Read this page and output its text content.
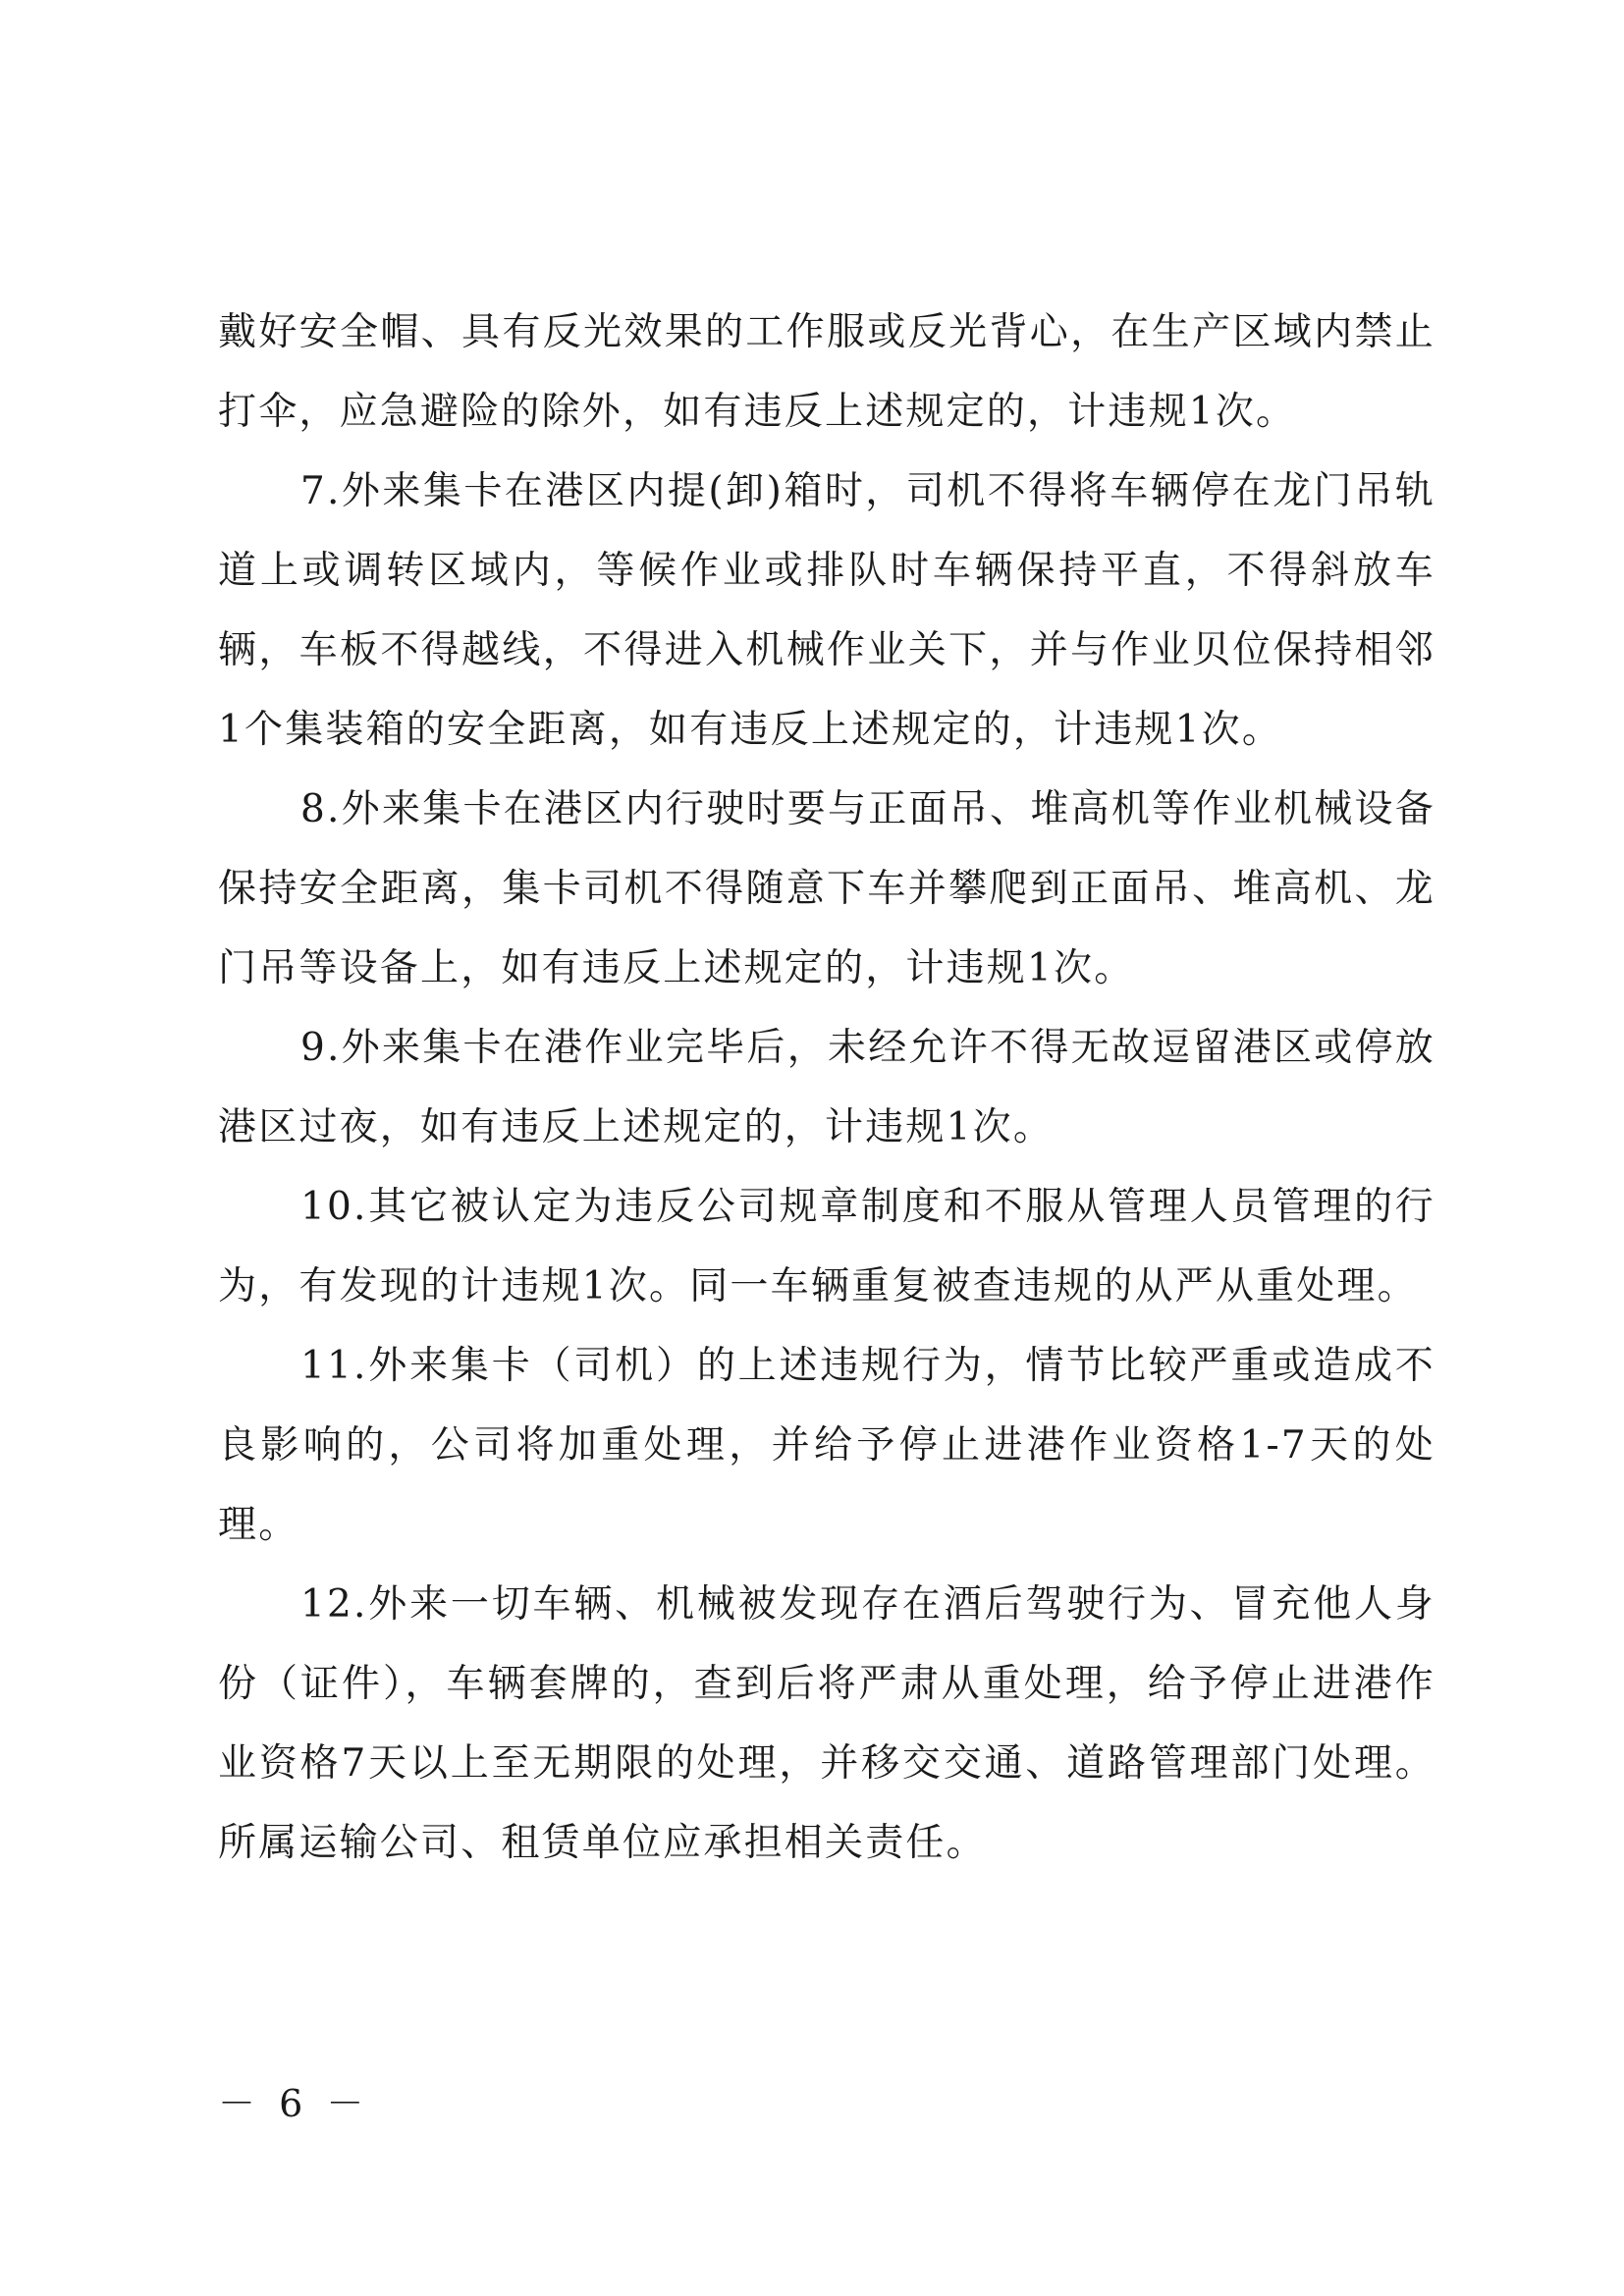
戴好安全帽、具有反光效果的工作服或反光背心，在生产区域内禁止打伞，应急避险的除外，如有违反上述规定的，计违规1次。

7.外来集卡在港区内提(卸)箱时，司机不得将车辆停在龙门吊轨道上或调转区域内，等候作业或排队时车辆保持平直，不得斜放车辆，车板不得越线，不得进入机械作业关下，并与作业贝位保持相邻1个集装箱的安全距离，如有违反上述规定的，计违规1次。

8.外来集卡在港区内行驶时要与正面吊、堆高机等作业机械设备保持安全距离，集卡司机不得随意下车并攀爬到正面吊、堆高机、龙门吊等设备上，如有违反上述规定的，计违规1次。

9.外来集卡在港作业完毕后，未经允许不得无故逗留港区或停放港区过夜，如有违反上述规定的，计违规1次。

10.其它被认定为违反公司规章制度和不服从管理人员管理的行为，有发现的计违规1次。同一车辆重复被查违规的从严从重处理。

11.外来集卡（司机）的上述违规行为，情节比较严重或造成不良影响的，公司将加重处理，并给予停止进港作业资格1-7天的处理。

12.外来一切车辆、机械被发现存在酒后驾驶行为、冒充他人身份（证件），车辆套牌的，查到后将严肃从重处理，给予停止进港作业资格7天以上至无期限的处理，并移交交通、道路管理部门处理。所属运输公司、租赁单位应承担相关责任。

－ 6 －
